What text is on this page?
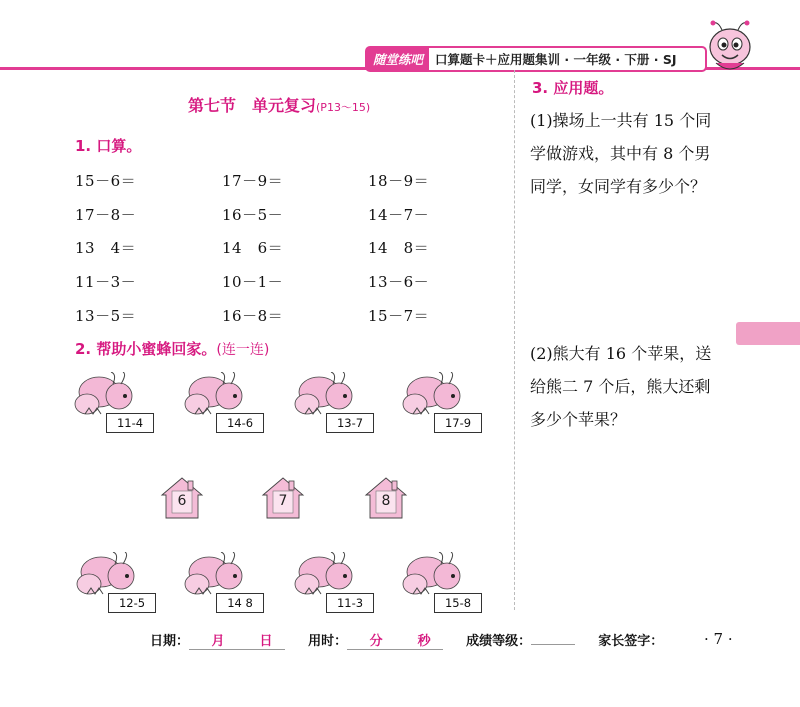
随堂练吧 口算题卡＋应用题集训 · 一年级 · 下册 · SJ
第七节　单元复习(P13～15)
1. 口算。
15－6＝	17－9＝	18－9＝
17－8－	16－5－	14－7－
13　4＝	14　6＝	14　8＝
11－3－	10－1－	13－6－
13－5＝	16－8＝	15－7＝
2. 帮助小蜜蜂回家。(连一连)
11-4	14-6	13-7	17-9
6	7	8
12-5	14 8	11-3	15-8
3. 应用题。
(1)操场上一共有 15 个同
学做游戏，其中有 8 个男
同学，女同学有多少个？
(2)熊大有 16 个苹果，送
给熊二 7 个后，熊大还剩
多少个苹果？
日期： 月	日	用时： 分	秒	成绩等级：	家长签字：	· 7 ·
